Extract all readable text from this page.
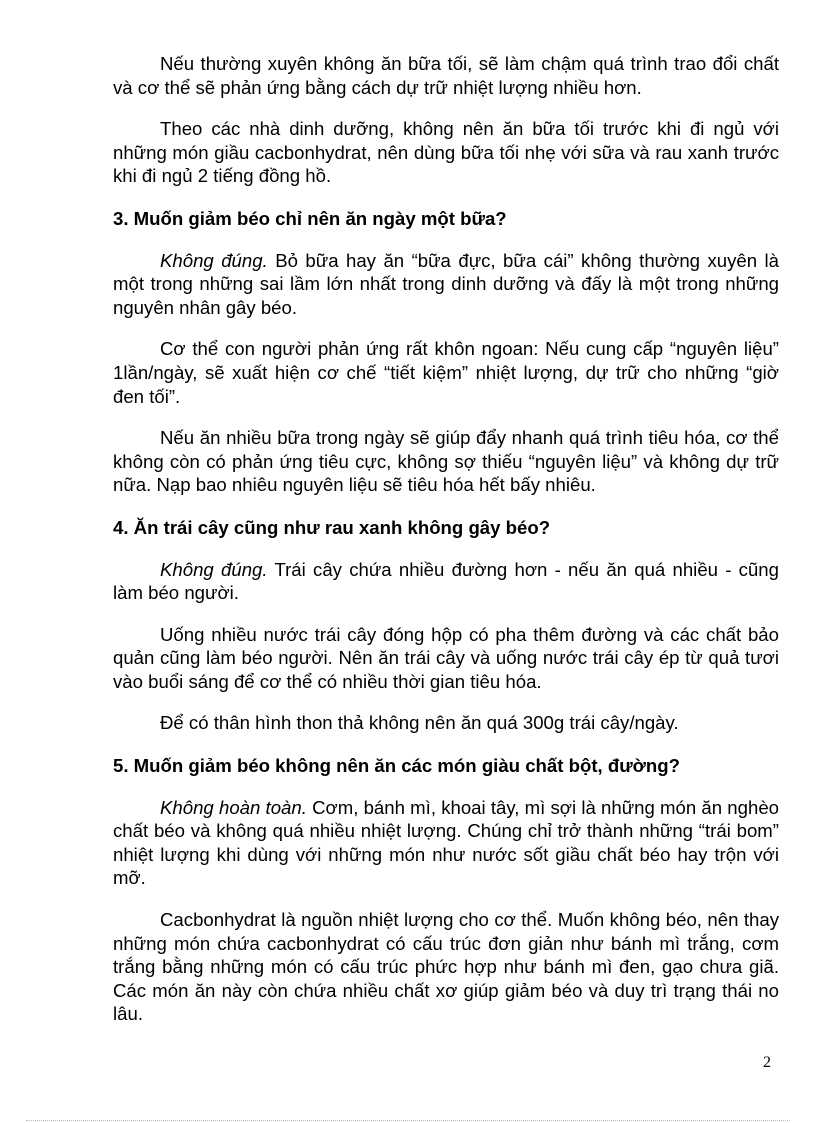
Nếu thường xuyên không ăn bữa tối, sẽ làm chậm quá trình trao đổi chất và cơ thể sẽ phản ứng bằng cách dự trữ nhiệt lượng nhiều hơn.

Theo các nhà dinh dưỡng, không nên ăn bữa tối trước khi đi ngủ với những món giầu cacbonhydrat, nên dùng bữa tối nhẹ với sữa và rau xanh trước khi đi ngủ 2 tiếng đồng hồ.

3. Muốn giảm béo chỉ nên ăn ngày một bữa?

Không đúng. Bỏ bữa hay ăn “bữa đực, bữa cái” không thường xuyên là một trong những sai lầm lớn nhất trong dinh dưỡng và đấy là một trong những nguyên nhân gây béo.

Cơ thể con người phản ứng rất khôn ngoan: Nếu cung cấp “nguyên liệu” 1lần/ngày, sẽ xuất hiện cơ chế “tiết kiệm” nhiệt lượng, dự trữ cho những “giờ đen tối”.

Nếu ăn nhiều bữa trong ngày sẽ giúp đẩy nhanh quá trình tiêu hóa, cơ thể không còn có phản ứng tiêu cực, không sợ thiếu “nguyên liệu” và không dự trữ nữa. Nạp bao nhiêu nguyên liệu sẽ tiêu hóa hết bấy nhiêu.

4. Ăn trái cây cũng như rau xanh không gây béo?

Không đúng. Trái cây chứa nhiều đường hơn - nếu ăn quá nhiều - cũng làm béo người.

Uống nhiều nước trái cây đóng hộp có pha thêm đường và các chất bảo quản cũng làm béo người. Nên ăn trái cây và uống nước trái cây ép từ quả tươi vào buổi sáng để cơ thể có nhiều thời gian tiêu hóa.

Để có thân hình thon thả không nên ăn quá 300g trái cây/ngày.

5. Muốn giảm béo không nên ăn các món giàu chất bột, đường?

Không hoàn toàn. Cơm, bánh mì, khoai tây, mì sợi là những món ăn nghèo chất béo và không quá nhiều nhiệt lượng. Chúng chỉ trở thành những “trái bom” nhiệt lượng khi dùng với những món như nước sốt giầu chất béo hay trộn với mỡ.

Cacbonhydrat là nguồn nhiệt lượng cho cơ thể. Muốn không béo, nên thay những món chứa cacbonhydrat có cấu trúc đơn giản như bánh mì trắng, cơm trắng bằng những món có cấu trúc phức hợp như bánh mì đen, gạo chưa giã. Các món ăn này còn chứa nhiều chất xơ giúp giảm béo và duy trì trạng thái no lâu.

2
